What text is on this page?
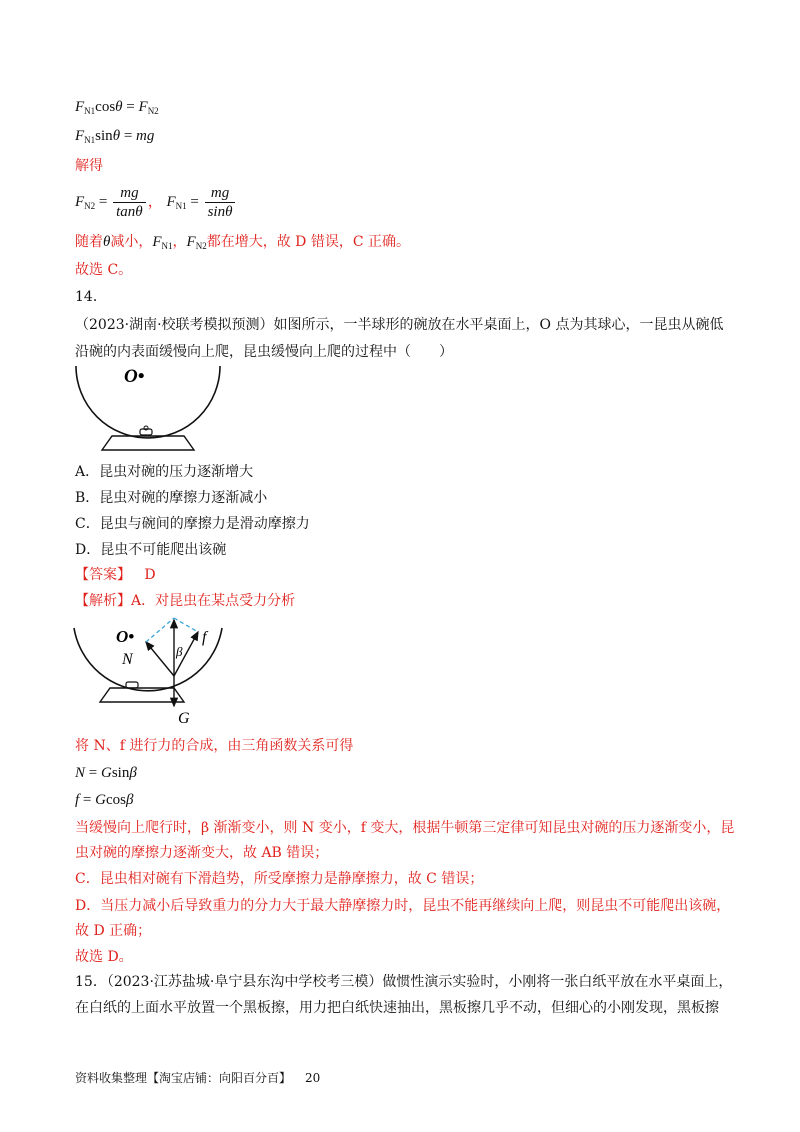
$F_{N1}\cos\theta = F_{N2}$
$F_{N1}\sin\theta$ = mg
解得
$F_{N2} = \frac{mg}{\tan\theta}$ ， $F_{N1} = \frac{mg}{\sin\theta}$
随着θ减小，$F_{N1}$，$F_{N2}$都在增大，故 D 错误，C 正确。
故选 C。
14．
（2023·湖南·校联考模拟预测）如图所示，一半球形的碗放在水平桌面上，O 点为其球心，一昆虫从碗低
沿碗的内表面缓慢向上爬，昆虫缓慢向上爬的过程中（　　）
O•
A．昆虫对碗的压力逐渐增大
B．昆虫对碗的摩擦力逐渐减小
C．昆虫与碗间的摩擦力是滑动摩擦力
D．昆虫不可能爬出该碗
【答案】 D
【解析】A．对昆虫在某点受力分析
O•
N
f
β
G
将 N、f 进行力的合成，由三角函数关系可得
N = Gsinβ
f = Gcosβ
当缓慢向上爬行时，β 渐渐变小，则 N 变小，f 变大，根据牛顿第三定律可知昆虫对碗的压力逐渐变小，昆
虫对碗的摩擦力逐渐变大，故 AB 错误；
C．昆虫相对碗有下滑趋势，所受摩擦力是静摩擦力，故 C 错误；
D．当压力减小后导致重力的分力大于最大静摩擦力时，昆虫不能再继续向上爬，则昆虫不可能爬出该碗，
故 D 正确；
故选 D。
15．（2023·江苏盐城·阜宁县东沟中学校考三模）做惯性演示实验时，小刚将一张白纸平放在水平桌面上，
在白纸的上面水平放置一个黑板擦，用力把白纸快速抽出，黑板擦几乎不动，但细心的小刚发现，黑板擦
资料收集整理【淘宝店铺：向阳百分百】 20
